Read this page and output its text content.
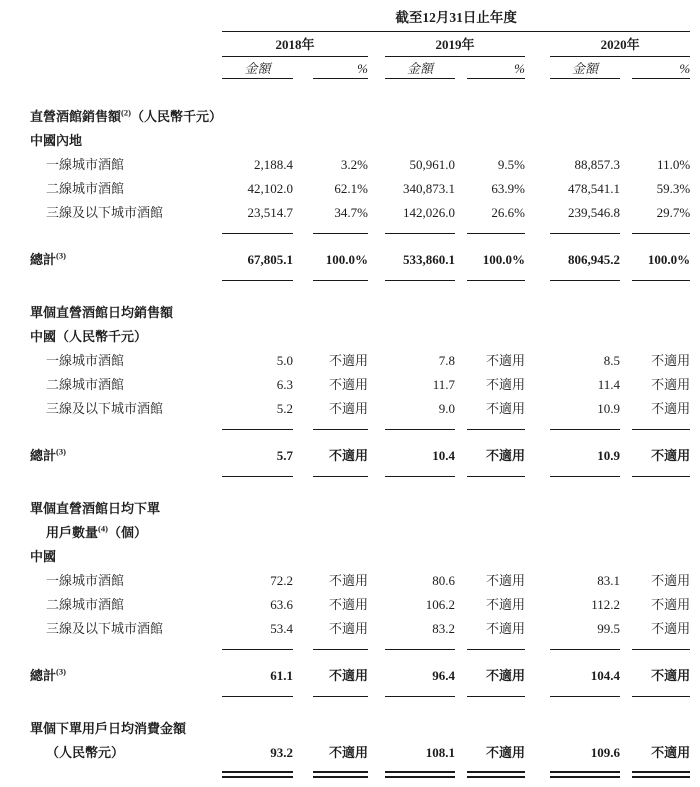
	截至12月31日止年度										
	2018年				2019年				2020年		
	金額		%		金額		%		金額		%

直營酒館銷售額$^{(2)}$（人民幣千元）											
中國內地											
一線城市酒館	2,188.4		3.2%		50,961.0		9.5%		88,857.3		11.0%
二線城市酒館	42,102.0		62.1%		340,873.1		63.9%		478,541.1		59.3%
三線及以下城市酒館	23,514.7		34.7%		142,026.0		26.6%		239,546.8		29.7%

總計$^{(3)}$	67,805.1		100.0%		533,860.1		100.0%		806,945.2		100.0%

單個直營酒館日均銷售額											
中國（人民幣千元）											
一線城市酒館	5.0		不適用		7.8		不適用		8.5		不適用
二線城市酒館	6.3		不適用		11.7		不適用		11.4		不適用
三線及以下城市酒館	5.2		不適用		9.0		不適用		10.9		不適用

總計$^{(3)}$	5.7		不適用		10.4		不適用		10.9		不適用

單個直營酒館日均下單											
用戶數量$^{(4)}$（個）											
中國											
一線城市酒館	72.2		不適用		80.6		不適用		83.1		不適用
二線城市酒館	63.6		不適用		106.2		不適用		112.2		不適用
三線及以下城市酒館	53.4		不適用		83.2		不適用		99.5		不適用

總計$^{(3)}$	61.1		不適用		96.4		不適用		104.4		不適用

單個下單用戶日均消費金額											
（人民幣元）	93.2		不適用		108.1		不適用		109.6		不適用
